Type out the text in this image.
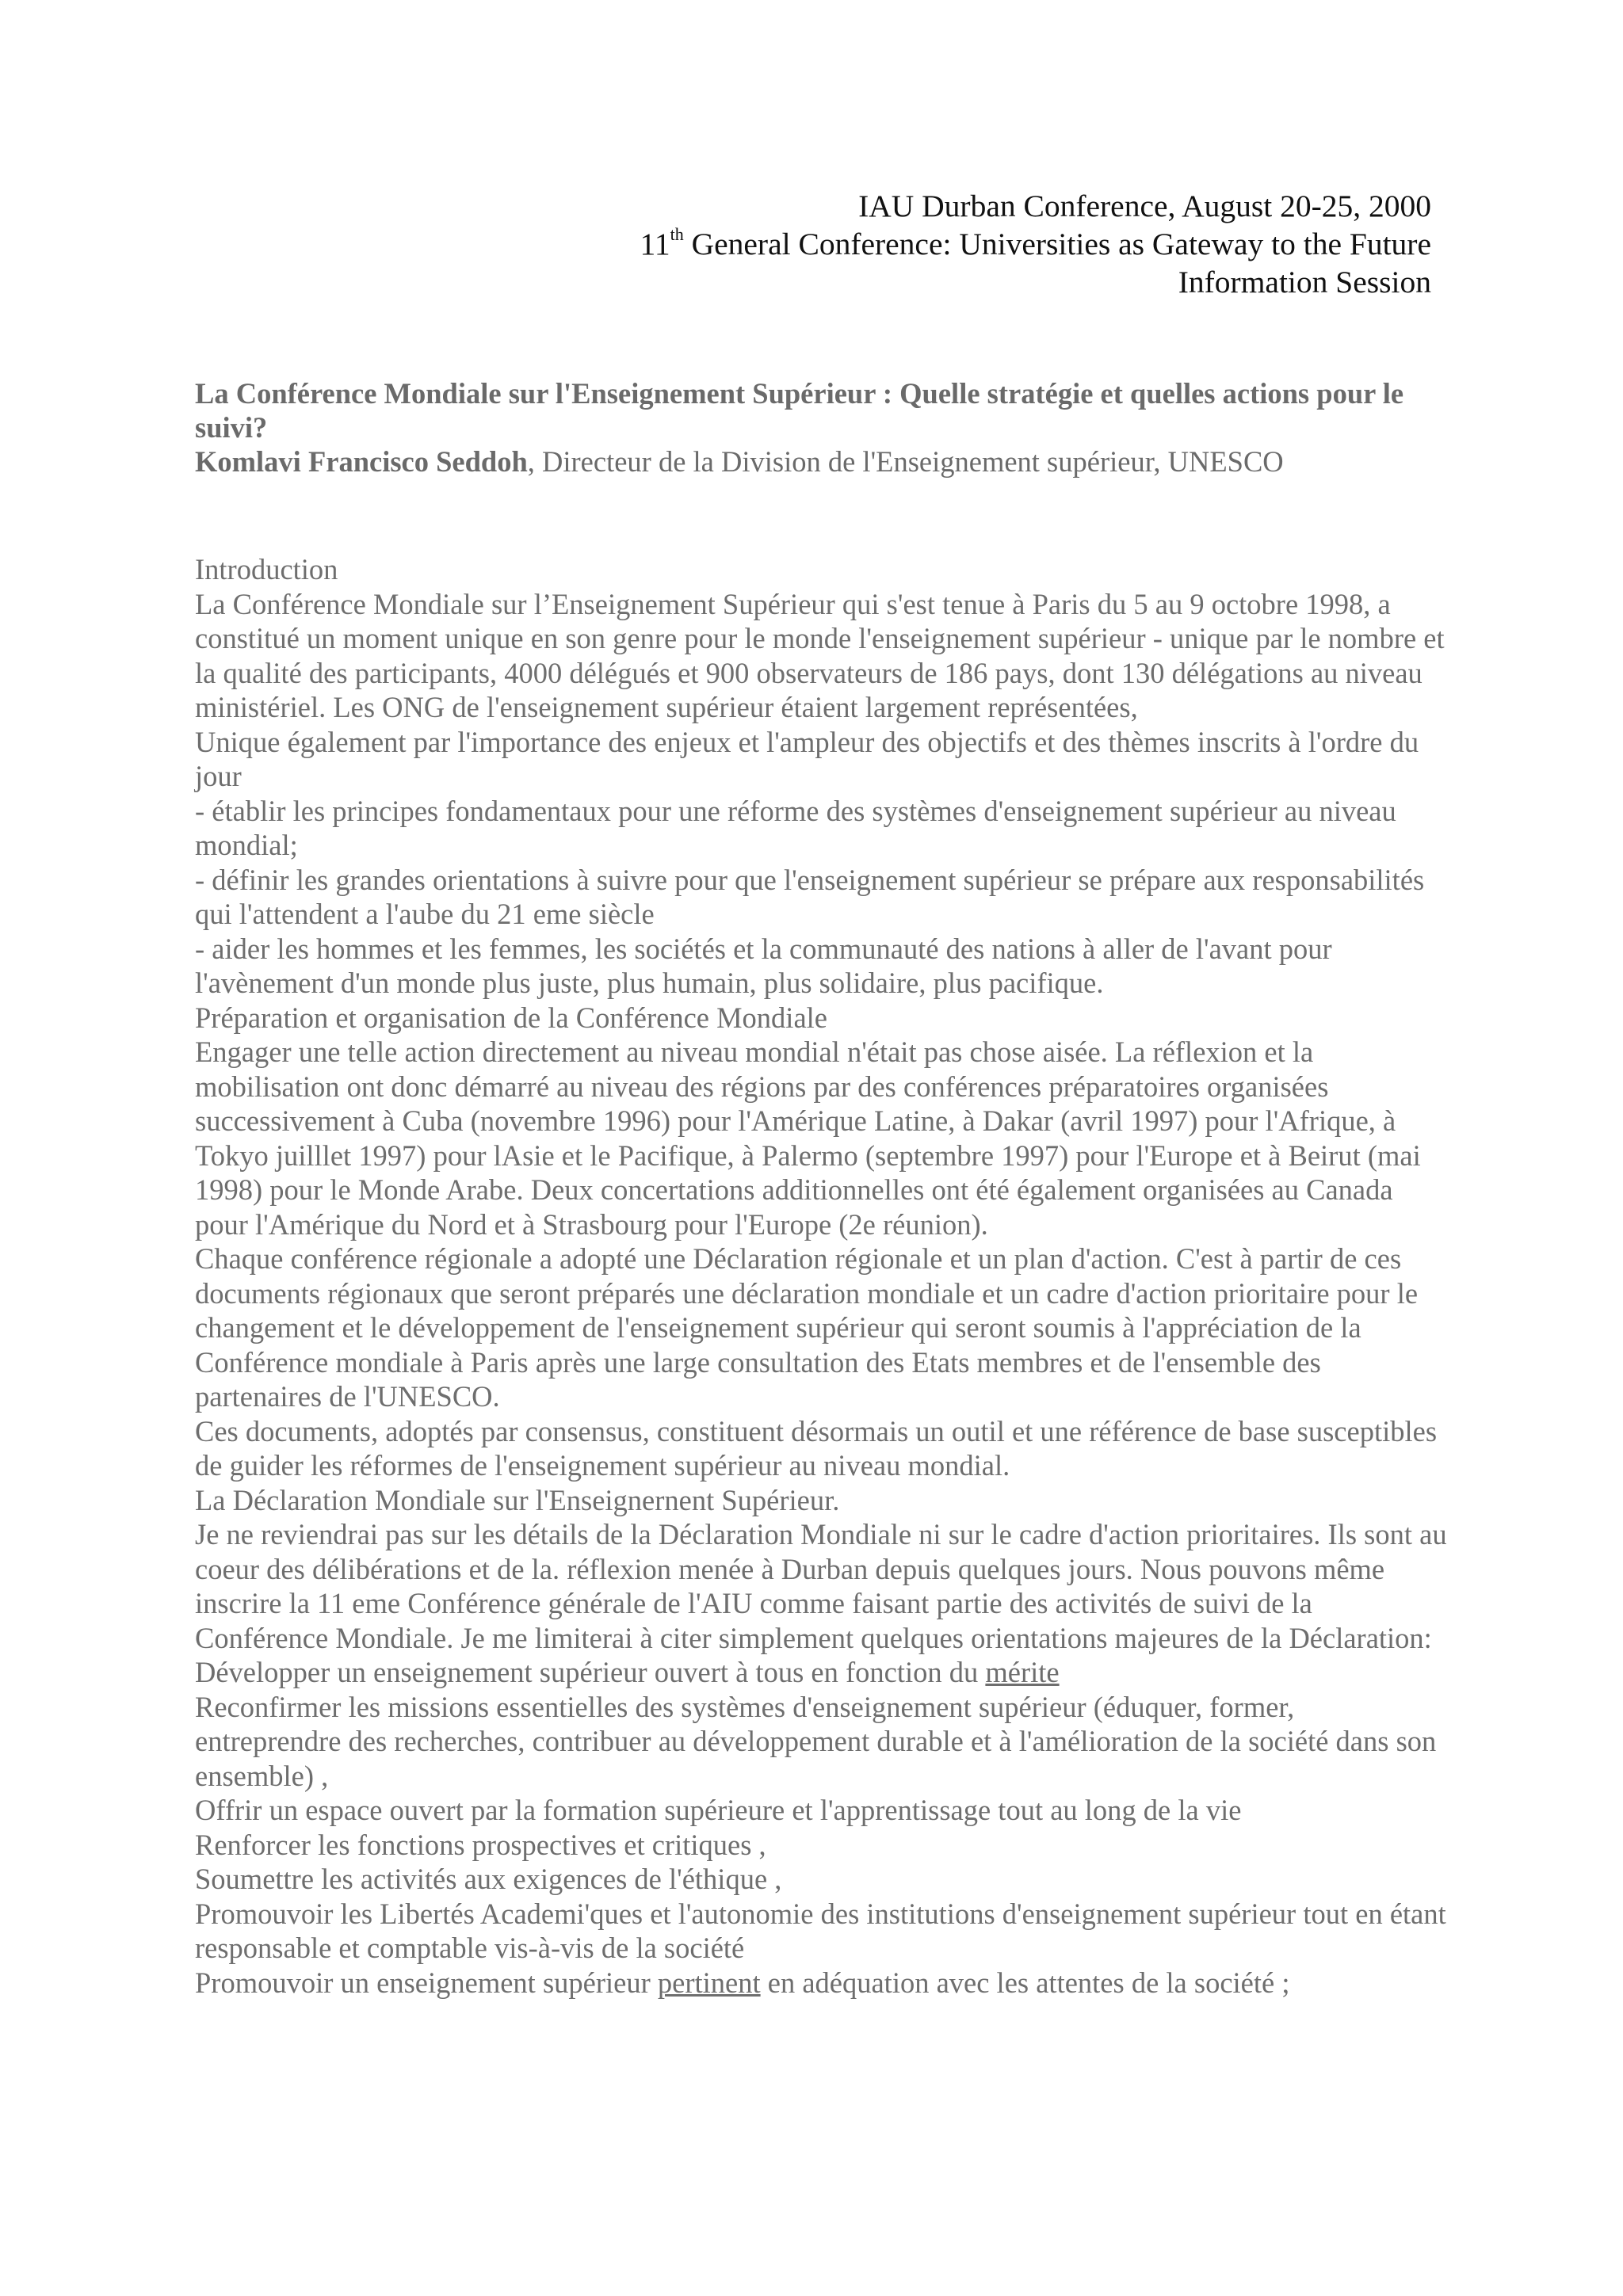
IAU Durban Conference, August 20-25, 2000
11th General Conference: Universities as Gateway to the Future
Information Session
La Conférence Mondiale sur l'Enseignement Supérieur : Quelle stratégie et quelles actions pour le suivi?
Komlavi Francisco Seddoh, Directeur de la Division de l'Enseignement supérieur, UNESCO

Introduction

La Conférence Mondiale sur l’Enseignement Supérieur qui s'est tenue à Paris du 5 au 9 octobre 1998, a constitué un moment unique en son genre pour le monde l'enseignement supérieur - unique par le nombre et la qualité des participants, 4000 délégués et 900 observateurs de 186 pays, dont 130 délégations au niveau ministériel. Les ONG de l'enseignement supérieur étaient largement représentées,

Unique également par l'importance des enjeux et l'ampleur des objectifs et des thèmes inscrits à l'ordre du jour

- établir les principes fondamentaux pour une réforme des systèmes d'enseignement supérieur au niveau mondial;

- définir les grandes orientations à suivre pour que l'enseignement supérieur se prépare aux responsabilités qui l'attendent a l'aube du 21 eme siècle

- aider les hommes et les femmes, les sociétés et la communauté des nations à aller de l'avant pour l'avènement d'un monde plus juste, plus humain, plus solidaire, plus pacifique.

Préparation et organisation de la Conférence Mondiale

Engager une telle action directement au niveau mondial n'était pas chose aisée. La réflexion et la mobilisation ont donc démarré au niveau des régions par des conférences préparatoires organisées successivement à Cuba (novembre 1996) pour l'Amérique Latine, à Dakar (avril 1997) pour l'Afrique, à Tokyo juilllet 1997) pour lAsie et le Pacifique, à Palermo (septembre 1997) pour l'Europe et à Beirut (mai 1998) pour le Monde Arabe. Deux concertations additionnelles ont été également organisées au Canada pour l'Amérique du Nord et à Strasbourg pour l'Europe (2e réunion).

Chaque conférence régionale a adopté une Déclaration régionale et un plan d'action. C'est à partir de ces documents régionaux que seront préparés une déclaration mondiale et un cadre d'action prioritaire pour le changement et le développement de l'enseignement supérieur qui seront soumis à l'appréciation de la Conférence mondiale à Paris après une large consultation des Etats membres et de l'ensemble des partenaires de l'UNESCO.

Ces documents, adoptés par consensus, constituent désormais un outil et une référence de base susceptibles de guider les réformes de l'enseignement supérieur au niveau mondial.

La Déclaration Mondiale sur l'Enseignernent Supérieur.

Je ne reviendrai pas sur les détails de la Déclaration Mondiale ni sur le cadre d'action prioritaires. Ils sont au coeur des délibérations et de la. réflexion menée à Durban depuis quelques jours. Nous pouvons même inscrire la 11 eme Conférence générale de l'AIU comme faisant partie des activités de suivi de la Conférence Mondiale. Je me limiterai à citer simplement quelques orientations majeures de la Déclaration:

Développer un enseignement supérieur ouvert à tous en fonction du mérite

Reconfirmer les missions essentielles des systèmes d'enseignement supérieur (éduquer, former, entreprendre des recherches, contribuer au développement durable et à l'amélioration de la société dans son ensemble) ,

Offrir un espace ouvert par la formation supérieure et l'apprentissage tout au long de la vie

Renforcer les fonctions prospectives et critiques ,

Soumettre les activités aux exigences de l'éthique ,

Promouvoir les Libertés Academi'ques et l'autonomie des institutions d'enseignement supérieur tout en étant responsable et comptable vis-à-vis de la société

Promouvoir un enseignement supérieur pertinent en adéquation avec les attentes de la société ;
